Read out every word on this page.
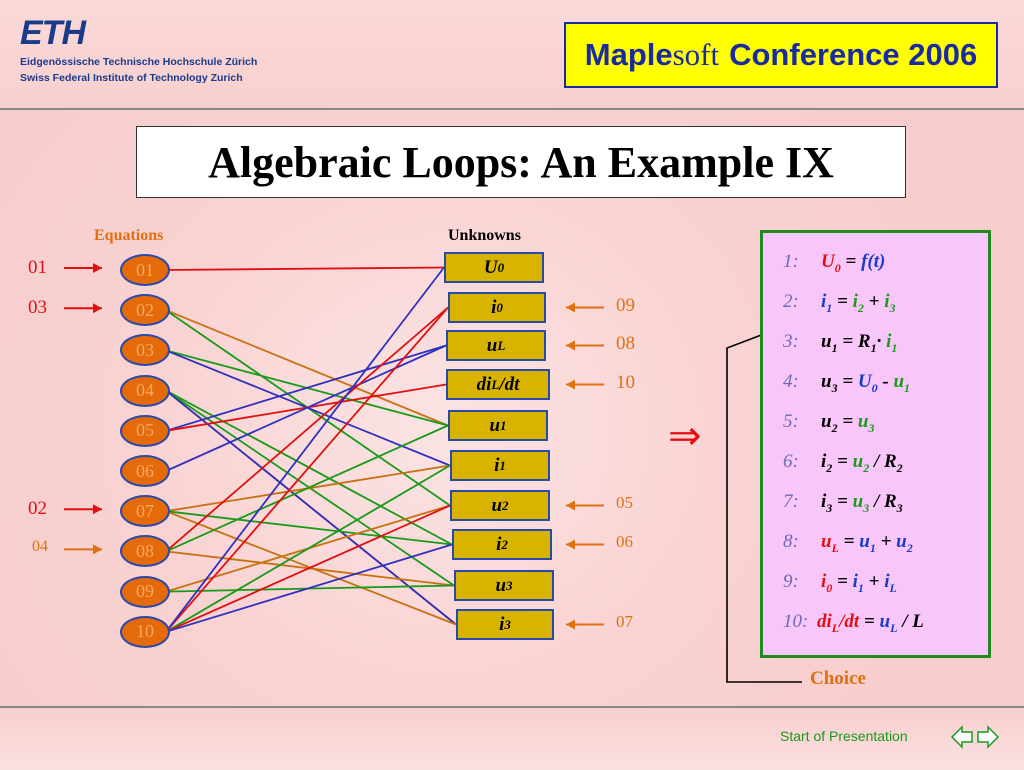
ETH
Eidgenössische Technische Hochschule Zürich
Swiss Federal Institute of Technology Zurich
Maple soft Conference 2006
Algebraic Loops: An Example IX
Equations	Unknowns
01
02
03
04
05
06
07
08
09
10
U 0
i 0
u L
di L /dt
u 1
i 1
u 2
i 2
u 3
i 3
01
03
02
04
09
08
10
05
06
07
⇒
$1:U_0 = f(t)$
$2:i_1 = i_2 + i_3$
$3:u_1 = R_1\cdot i_1$
$4:u_3 = U_0 - u_1$
$5:u_2 = u_3$
$6:i_2 = u_2 / R_2$
$7:i_3 = u_3 / R_3$
$8:u_L = u_1 + u_2$
$9:i_0 = i_1 + i_L$
$10:di_L/dt = u_L / L$
Choice
Start of Presentation
